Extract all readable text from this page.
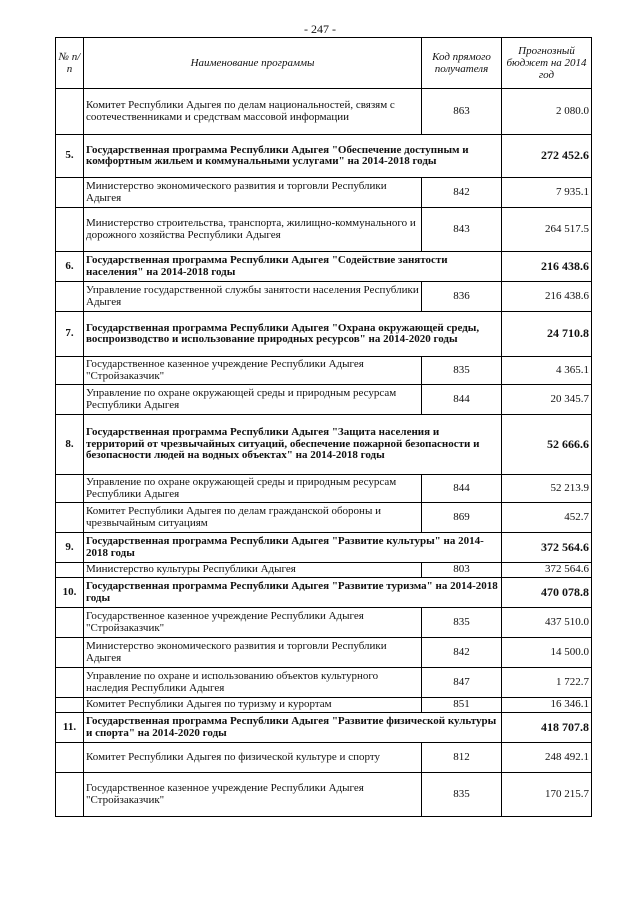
- 247 -
№ п/п	Наименование программы	Код прямого получателя	Прогнозный бюджет на 2014 год
	Комитет Республики Адыгея по делам национальностей, связям с соотечественниками и средствам массовой информации	863	2 080.0
5.	Государственная программа Республики Адыгея "Обеспечение доступным и комфортным жильем и коммунальными услугами" на 2014-2018 годы		272 452.6
	Министерство экономического развития и торговли Республики Адыгея	842	7 935.1
	Министерство строительства, транспорта, жилищно-коммунального и дорожного хозяйства Республики Адыгея	843	264 517.5
6.	Государственная программа Республики Адыгея "Содействие занятости населения" на 2014-2018 годы		216 438.6
	Управление государственной службы занятости населения Республики Адыгея	836	216 438.6
7.	Государственная программа Республики Адыгея "Охрана окружающей среды, воспроизводство и использование природных ресурсов" на 2014-2020 годы		24 710.8
	Государственное казенное учреждение Республики Адыгея "Стройзаказчик"	835	4 365.1
	Управление по охране окружающей среды и природным ресурсам Республики Адыгея	844	20 345.7
8.	Государственная программа Республики Адыгея "Защита населения и территорий от чрезвычайных ситуаций, обеспечение пожарной безопасности и безопасности людей на водных объектах" на 2014-2018 годы		52 666.6
	Управление по охране окружающей среды и природным ресурсам Республики Адыгея	844	52 213.9
	Комитет Республики Адыгея по делам гражданской обороны и чрезвычайным ситуациям	869	452.7
9.	Государственная программа Республики Адыгея "Развитие культуры" на 2014-2018 годы		372 564.6
	Министерство культуры Республики Адыгея	803	372 564.6
10.	Государственная программа Республики Адыгея "Развитие туризма" на 2014-2018 годы		470 078.8
	Государственное казенное учреждение Республики Адыгея "Стройзаказчик"	835	437 510.0
	Министерство экономического развития и торговли Республики Адыгея	842	14 500.0
	Управление по охране и использованию объектов культурного наследия Республики Адыгея	847	1 722.7
	Комитет Республики Адыгея по туризму и курортам	851	16 346.1
11.	Государственная программа Республики Адыгея "Развитие физической культуры и спорта" на 2014-2020 годы		418 707.8
	Комитет Республики Адыгея по физической культуре и спорту	812	248 492.1
	Государственное казенное учреждение Республики Адыгея "Стройзаказчик"	835	170 215.7
